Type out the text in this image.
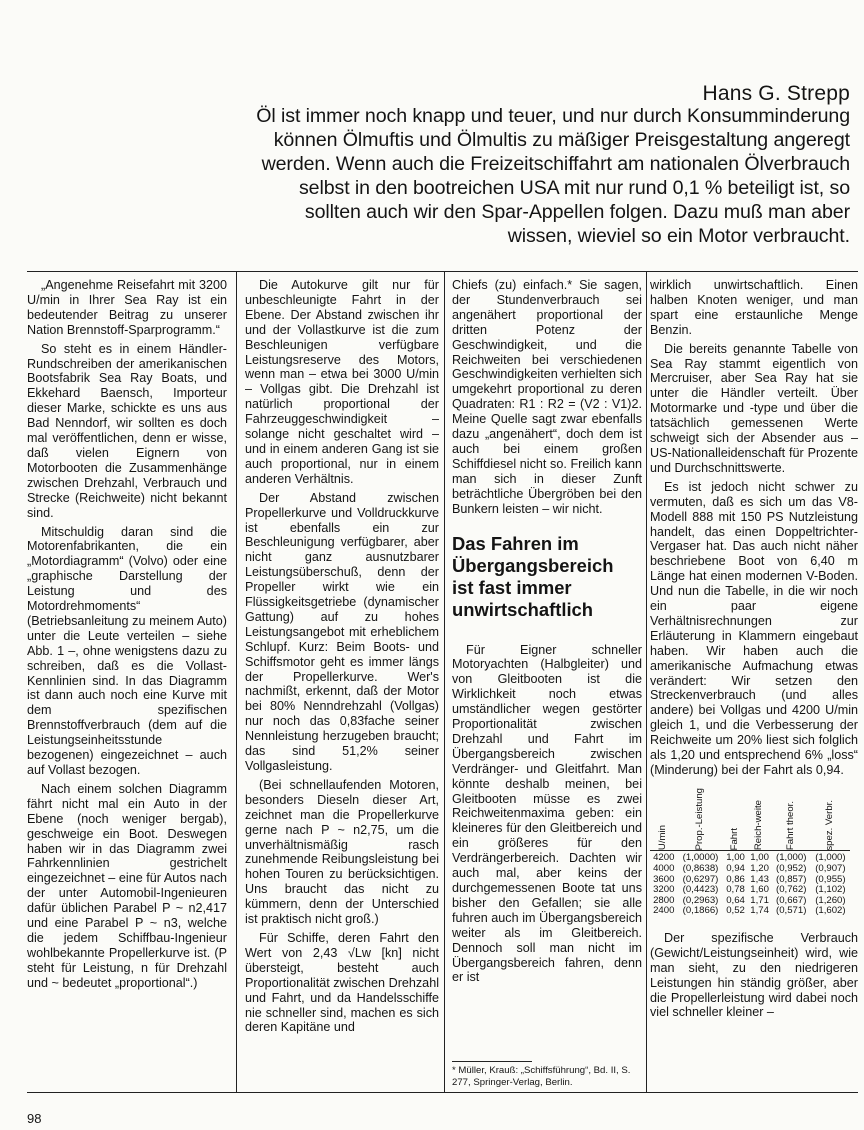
Hans G. Strepp
Öl ist immer noch knapp und teuer, und nur durch Konsumminderung
können Ölmuftis und Ölmultis zu mäßiger Preisgestaltung angeregt
werden. Wenn auch die Freizeitschiffahrt am nationalen Ölverbrauch
selbst in den bootreichen USA mit nur rund 0,1 % beteiligt ist, so
sollten auch wir den Spar-Appellen folgen. Dazu muß man aber
wissen, wieviel so ein Motor verbraucht.

„Angenehme Reisefahrt mit 3200 U/min in Ihrer Sea Ray ist ein bedeutender Beitrag zu unserer Nation Brennstoff-Sparprogramm.“

So steht es in einem Händler-Rundschreiben der amerikanischen Bootsfabrik Sea Ray Boats, und Ekkehard Baensch, Importeur dieser Marke, schickte es uns aus Bad Nenndorf, wir sollten es doch mal veröffentlichen, denn er wisse, daß vielen Eignern von Motorbooten die Zusammenhänge zwischen Drehzahl, Verbrauch und Strecke (Reichweite) nicht bekannt sind.

Mitschuldig daran sind die Motorenfabrikanten, die ein „Motordiagramm“ (Volvo) oder eine „graphische Darstellung der Leistung und des Motordrehmoments“ (Betriebsanleitung zu meinem Auto) unter die Leute verteilen – siehe Abb. 1 –, ohne wenigstens dazu zu schreiben, daß es die Vollast-Kennlinien sind. In das Diagramm ist dann auch noch eine Kurve mit dem spezifischen Brennstoffverbrauch (dem auf die Leistungseinheitsstunde bezogenen) eingezeichnet – auch auf Vollast bezogen.

Nach einem solchen Diagramm fährt nicht mal ein Auto in der Ebene (noch weniger bergab), geschweige ein Boot. Deswegen haben wir in das Diagramm zwei Fahrkennlinien gestrichelt eingezeichnet – eine für Autos nach der unter Automobil-Ingenieuren dafür üblichen Parabel P ~ n2,417 und eine Parabel P ~ n3, welche die jedem Schiffbau-Ingenieur wohlbekannte Propellerkurve ist. (P steht für Leistung, n für Drehzahl und ~ bedeutet „proportional“.)

Die Autokurve gilt nur für unbeschleunigte Fahrt in der Ebene. Der Abstand zwischen ihr und der Vollastkurve ist die zum Beschleunigen verfügbare Leistungsreserve des Motors, wenn man – etwa bei 3000 U/min – Vollgas gibt. Die Drehzahl ist natürlich proportional der Fahrzeuggeschwindigkeit – solange nicht geschaltet wird – und in einem anderen Gang ist sie auch proportional, nur in einem anderen Verhältnis.

Der Abstand zwischen Propellerkurve und Volldruckkurve ist ebenfalls ein zur Beschleunigung verfügbarer, aber nicht ganz ausnutzbarer Leistungsüberschuß, denn der Propeller wirkt wie ein Flüssigkeitsgetriebe (dynamischer Gattung) auf zu hohes Leistungsangebot mit erheblichem Schlupf. Kurz: Beim Boots- und Schiffsmotor geht es immer längs der Propellerkurve. Wer's nachmißt, erkennt, daß der Motor bei 80% Nenndrehzahl (Vollgas) nur noch das 0,83fache seiner Nennleistung herzugeben braucht; das sind 51,2% seiner Vollgasleistung.

(Bei schnellaufenden Motoren, besonders Dieseln dieser Art, zeichnet man die Propellerkurve gerne nach P ~ n2,75, um die unverhältnismäßig rasch zunehmende Reibungsleistung bei hohen Touren zu berücksichtigen. Uns braucht das nicht zu kümmern, denn der Unterschied ist praktisch nicht groß.)

Für Schiffe, deren Fahrt den Wert von 2,43 √Lw [kn] nicht übersteigt, besteht auch Proportionalität zwischen Drehzahl und Fahrt, und da Handelsschiffe nie schneller sind, machen es sich deren Kapitäne und

Chiefs (zu) einfach.* Sie sagen, der Stundenverbrauch sei angenähert proportional der dritten Potenz der Geschwindigkeit, und die Reichweiten bei verschiedenen Geschwindigkeiten verhielten sich umgekehrt proportional zu deren Quadraten: R1 : R2 = (V2 : V1)2. Meine Quelle sagt zwar ebenfalls dazu „angenähert“, doch dem ist auch bei einem großen Schiffdiesel nicht so. Freilich kann man sich in dieser Zunft beträchtliche Übergröben bei den Bunkern leisten – wir nicht.

Das Fahren im
Übergangsbereich
ist fast immer
unwirtschaftlich

Für Eigner schneller Motoryachten (Halbgleiter) und von Gleitbooten ist die Wirklichkeit noch etwas umständlicher wegen gestörter Proportionalität zwischen Drehzahl und Fahrt im Übergangsbereich zwischen Verdränger- und Gleitfahrt. Man könnte deshalb meinen, bei Gleitbooten müsse es zwei Reichweitenmaxima geben: ein kleineres für den Gleitbereich und ein größeres für den Verdrängerbereich. Dachten wir auch mal, aber keins der durchgemessenen Boote tat uns bisher den Gefallen; sie alle fuhren auch im Übergangsbereich weiter als im Gleitbereich. Dennoch soll man nicht im Übergangsbereich fahren, denn er ist

* Müller, Krauß: „Schiffsführung“, Bd. II, S. 277, Springer-Verlag, Berlin.

wirklich unwirtschaftlich. Einen halben Knoten weniger, und man spart eine erstaunliche Menge Benzin.

Die bereits genannte Tabelle von Sea Ray stammt eigentlich von Mercruiser, aber Sea Ray hat sie unter die Händler verteilt. Über Motormarke und -type und über die tatsächlich gemessenen Werte schweigt sich der Absender aus – US-Nationalleidenschaft für Prozente und Durchschnittswerte.

Es ist jedoch nicht schwer zu vermuten, daß es sich um das V8-Modell 888 mit 150 PS Nutzleistung handelt, das einen Doppeltrichter-Vergaser hat. Das auch nicht näher beschriebene Boot von 6,40 m Länge hat einen modernen V-Boden. Und nun die Tabelle, in die wir noch ein paar eigene Verhältnisrechnungen zur Erläuterung in Klammern eingebaut haben. Wir haben auch die amerikanische Aufmachung etwas verändert: Wir setzen den Streckenverbrauch (und alles andere) bei Vollgas und 4200 U/min gleich 1, und die Verbesserung der Reichweite um 20% liest sich folglich als 1,20 und entsprechend 6% „loss“ (Minderung) bei der Fahrt als 0,94.

U/min	Prop.-Leistung	Fahrt	Reich-weite	Fahrt theor.	spez. Verbr.

4200	(1,0000)	1,00	1,00	(1,000)	(1,000)
4000	(0,8638)	0,94	1,20	(0,952)	(0,907)
3600	(0,6297)	0,86	1,43	(0,857)	(0,955)
3200	(0,4423)	0,78	1,60	(0,762)	(1,102)
2800	(0,2963)	0,64	1,71	(0,667)	(1,260)
2400	(0,1866)	0,52	1,74	(0,571)	(1,602)

Der spezifische Verbrauch (Gewicht/Leistungseinheit) wird, wie man sieht, zu den niedrigeren Leistungen hin ständig größer, aber die Propellerleistung wird dabei noch viel schneller kleiner –

98
